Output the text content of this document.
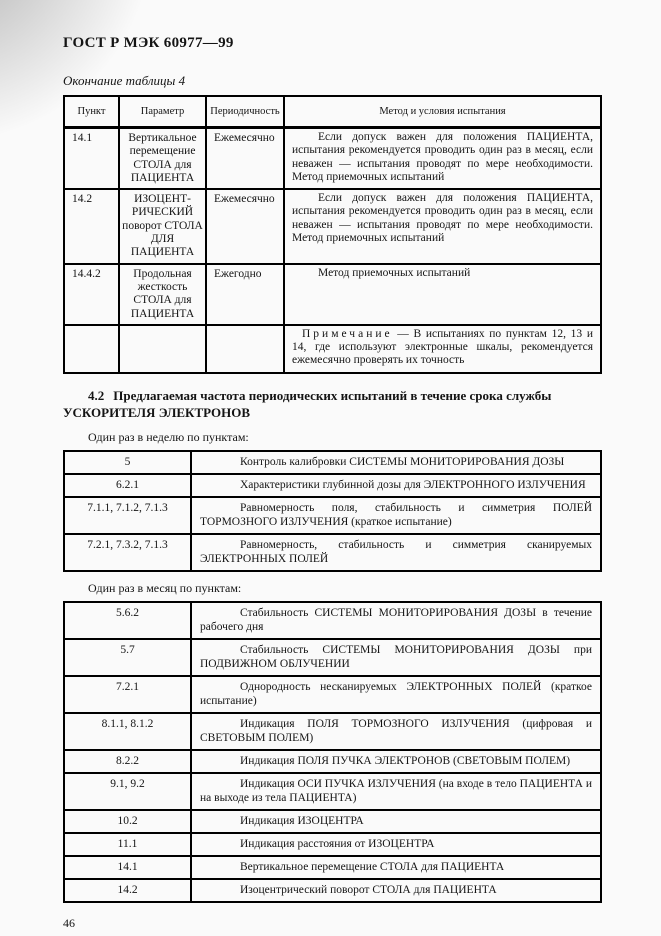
ГОСТ Р МЭК 60977—99

Окончание таблицы 4

Пункт	Параметр	Периодичность	Метод и условия испытания
14.1	Вертикальное перемещение СТОЛА для ПАЦИЕНТА	Ежемесячно	Если допуск важен для положения ПАЦИЕНТА, испытания рекомендуется проводить один раз в месяц, если неважен — испытания проводят по мере необходимости. Метод приемочных испытаний

14.2	ИЗОЦЕНТ-РИЧЕСКИЙ поворот СТОЛА ДЛЯ ПАЦИЕНТА	Ежемесячно	Если допуск важен для положения ПАЦИЕНТА, испытания рекомендуется проводить один раз в месяц, если неважен — испытания проводят по мере необходимости. Метод приемочных испытаний

14.4.2	Продольная жесткость СТОЛА для ПАЦИЕНТА	Ежегодно	Метод приемочных испытаний

			Примечание — В испытаниях по пунктам 12, 13 и 14, где используют электронные шкалы, рекомендуется ежемесячно проверять их точность

4.2 Предлагаемая частота периодических испытаний в течение срока службы УСКОРИТЕЛЯ ЭЛЕКТРОНОВ

Один раз в неделю по пунктам:

5	Контроль калибровки СИСТЕМЫ МОНИТОРИРОВАНИЯ ДОЗЫ

6.2.1	Характеристики глубинной дозы для ЭЛЕКТРОННОГО ИЗЛУЧЕНИЯ

7.1.1, 7.1.2, 7.1.3	Равномерность поля, стабильность и симметрия ПОЛЕЙ ТОРМОЗНОГО ИЗЛУЧЕНИЯ (краткое испытание)

7.2.1, 7.3.2, 7.1.3	Равномерность, стабильность и симметрия сканируемых ЭЛЕКТРОННЫХ ПОЛЕЙ

Один раз в месяц по пунктам:

5.6.2	Стабильность СИСТЕМЫ МОНИТОРИРОВАНИЯ ДОЗЫ в течение рабочего дня

5.7	Стабильность СИСТЕМЫ МОНИТОРИРОВАНИЯ ДОЗЫ при ПОДВИЖНОМ ОБЛУЧЕНИИ

7.2.1	Однородность несканируемых ЭЛЕКТРОННЫХ ПОЛЕЙ (краткое испытание)

8.1.1, 8.1.2	Индикация ПОЛЯ ТОРМОЗНОГО ИЗЛУЧЕНИЯ (цифровая и СВЕТОВЫМ ПОЛЕМ)

8.2.2	Индикация ПОЛЯ ПУЧКА ЭЛЕКТРОНОВ (СВЕТОВЫМ ПОЛЕМ)

9.1, 9.2	Индикация ОСИ ПУЧКА ИЗЛУЧЕНИЯ (на входе в тело ПАЦИЕНТА и на выходе из тела ПАЦИЕНТА)

10.2	Индикация ИЗОЦЕНТРА

11.1	Индикация расстояния от ИЗОЦЕНТРА

14.1	Вертикальное перемещение СТОЛА для ПАЦИЕНТА

14.2	Изоцентрический поворот СТОЛА для ПАЦИЕНТА

46
